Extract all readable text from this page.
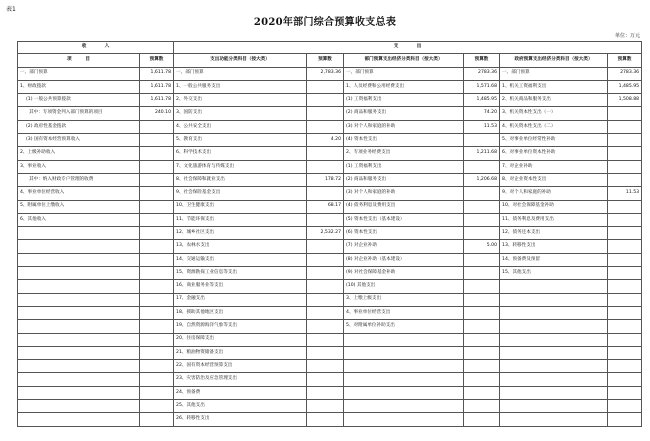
表1
2020年部门综合预算收支总表
单位：万元
收　　　　入		支　　　　出					
项　　　目	预算数	支出功能分类科目（按大类）	预算数	部门预算支出经济分类科目（按大类）	预算数	政府预算支出经济分类科目（按大类）	预算数
一、部门预算	1,611.78	一、部门预算	2,783.36	一、部门预算	2783.36	一、部门预算	2783.36
1、财政拨款	1,611.78	1、一般公共服务支出		1、人员经费和公用经费支出	1,571.68	1、机关工资福利支出	1,485.95
(1) 一般公共预算拨款	1,611.78	2、外交支出		(1) 工资福利支出	1,485.95	2、机关商品和服务支出	1,508.88
其中：专项资金列入部门预算的项目	240.10	3、国防支出		(2) 商品和服务支出	74.20	3、机关资本性支出（一）	
(2) 政府性基金拨款		4、公共安全支出		(3) 对个人和家庭的补助	11.53	4、机关资本性支出（二）	
(3) 国有资本经营预算收入		5、教育支出	4.20	(4) 资本性支出		5、对事业单位经常性补助	
2、上级补助收入		6、科学技术支出		2、专项业务经费支出	1,211.68	6、对事业单位资本性补助	
3、事业收入		7、文化旅游体育与传媒支出		(1) 工资福利支出		7、对企业补助	
其中：纳入财政专户管理的收费		8、社会保障和就业支出	178.72	(2) 商品和服务支出	1,206.68	8、对企业资本性支出	
4、事业单位经营收入		9、社会保险基金支出		(3) 对个人和家庭的补助		9、对个人和家庭的补助	11.53
5、附属单位上缴收入		10、卫生健康支出	68.17	(4) 债务利息及费用支出		10、对社会保障基金补助	
6、其他收入		11、节能环保支出		(5) 资本性支出（基本建设）		11、债务利息及费用支出	
		12、城乡社区支出	2,532.27	(6) 资本性支出		12、债务还本支出	
		13、农林水支出		(7) 对企业补助	5.00	13、转移性支出	
		14、交通运输支出		(8) 对企业补助（基本建设）		14、预备费及预留	
		15、资源勘探工业信息等支出		(9) 对社会保障基金补助		15、其他支出	
		16、商业服务业等支出		(10) 其他支出			
		17、金融支出		3、上缴上级支出			
		18、援助其他地区支出		4、事业单位经营支出			
		19、自然资源海洋气象等支出		5、对附属单位补助支出			
		20、住房保障支出					
		21、粮油物资储备支出					
		22、国有资本经营预算支出					
		23、灾害防治及应急管理支出					
		24、预备费					
		25、其他支出					
		26、转移性支出					
